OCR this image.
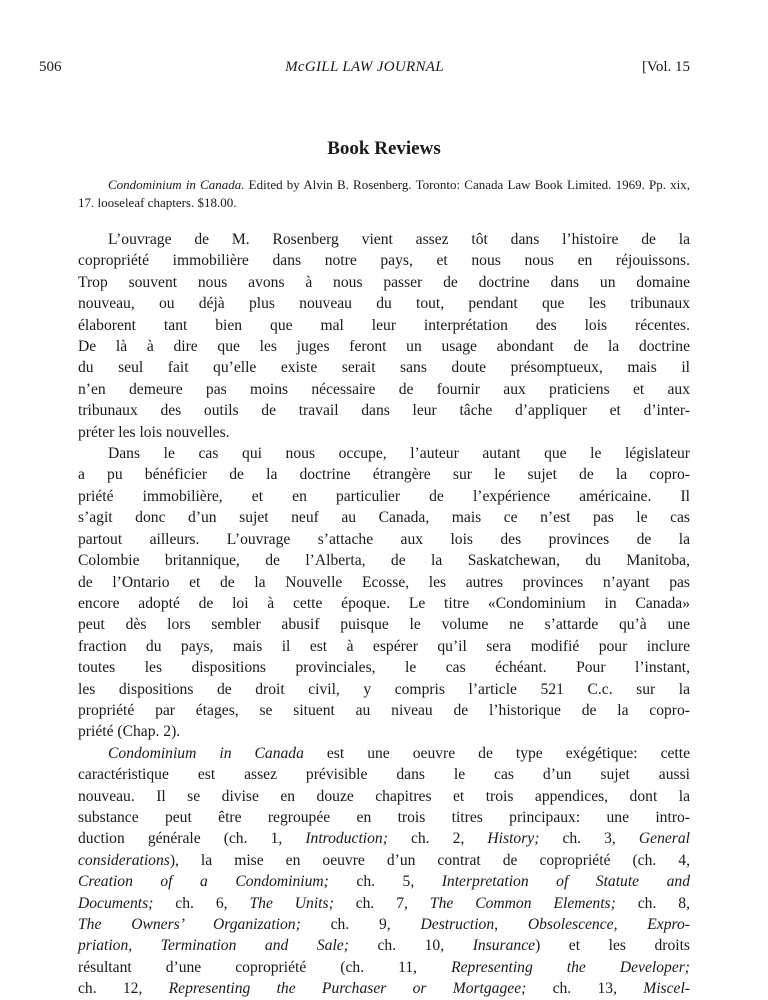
506	McGILL LAW JOURNAL	[Vol. 15
Book Reviews
Condominium in Canada. Edited by Alvin B. Rosenberg. Toronto: Canada Law Book Limited. 1969. Pp. xix, 17. looseleaf chapters. $18.00.

L’ouvrage de M. Rosenberg vient assez tôt dans l’histoire de la
copropriété immobilière dans notre pays, et nous nous en réjouissons.
Trop souvent nous avons à nous passer de doctrine dans un domaine
nouveau, ou déjà plus nouveau du tout, pendant que les tribunaux
élaborent tant bien que mal leur interprétation des lois récentes.
De là à dire que les juges feront un usage abondant de la doctrine
du seul fait qu’elle existe serait sans doute présomptueux, mais il
n’en demeure pas moins nécessaire de fournir aux praticiens et aux
tribunaux des outils de travail dans leur tâche d’appliquer et d’inter-
préter les lois nouvelles.

Dans le cas qui nous occupe, l’auteur autant que le législateur
a pu bénéficier de la doctrine étrangère sur le sujet de la copro-
priété immobilière, et en particulier de l’expérience américaine. Il
s’agit donc d’un sujet neuf au Canada, mais ce n’est pas le cas
partout ailleurs. L’ouvrage s’attache aux lois des provinces de la
Colombie britannique, de l’Alberta, de la Saskatchewan, du Manitoba,
de l’Ontario et de la Nouvelle Ecosse, les autres provinces n’ayant pas
encore adopté de loi à cette époque. Le titre «Condominium in Canada»
peut dès lors sembler abusif puisque le volume ne s’attarde qu’à une
fraction du pays, mais il est à espérer qu’il sera modifié pour inclure
toutes les dispositions provinciales, le cas échéant. Pour l’instant,
les dispositions de droit civil, y compris l’article 521 C.c. sur la
propriété par étages, se situent au niveau de l’historique de la copro-
priété (Chap. 2).

Condominium in Canada est une oeuvre de type exégétique: cette
caractéristique est assez prévisible dans le cas d’un sujet aussi
nouveau. Il se divise en douze chapitres et trois appendices, dont la
substance peut être regroupée en trois titres principaux: une intro-
duction générale (ch. 1, Introduction; ch. 2, History; ch. 3, General
considerations), la mise en oeuvre d’un contrat de copropriété (ch. 4,
Creation of a Condominium; ch. 5, Interpretation of Statute and
Documents; ch. 6, The Units; ch. 7, The Common Elements; ch. 8,
The Owners’ Organization; ch. 9, Destruction, Obsolescence, Expro-
priation, Termination and Sale; ch. 10, Insurance) et les droits
résultant d’une copropriété (ch. 11, Representing the Developer;
ch. 12, Representing the Purchaser or Mortgagee; ch. 13, Miscel-
